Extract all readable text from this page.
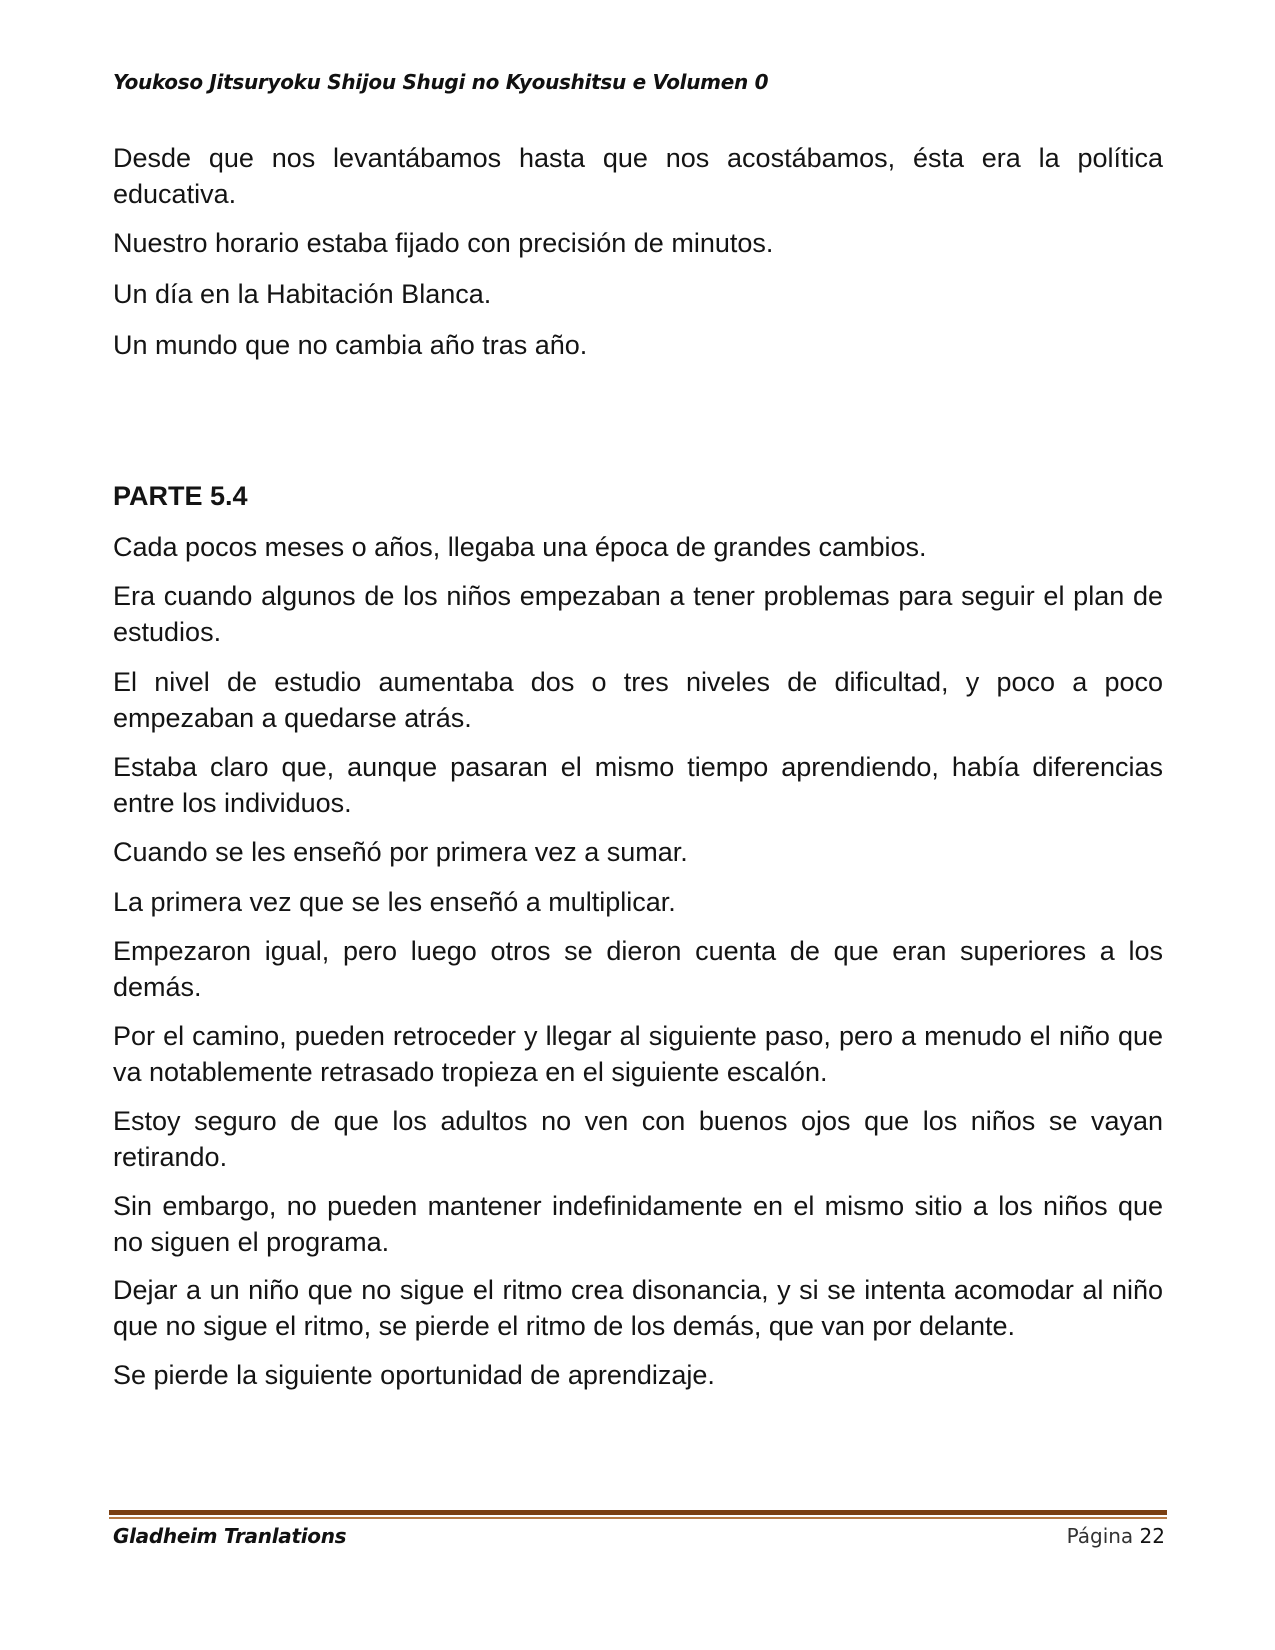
Youkoso Jitsuryoku Shijou Shugi no Kyoushitsu e Volumen 0

Desde que nos levantábamos hasta que nos acostábamos, ésta era la política educativa.

Nuestro horario estaba fijado con precisión de minutos.

Un día en la Habitación Blanca.

Un mundo que no cambia año tras año.

PARTE 5.4

Cada pocos meses o años, llegaba una época de grandes cambios.

Era cuando algunos de los niños empezaban a tener problemas para seguir el plan de estudios.

El nivel de estudio aumentaba dos o tres niveles de dificultad, y poco a poco empezaban a quedarse atrás.

Estaba claro que, aunque pasaran el mismo tiempo aprendiendo, había diferencias entre los individuos.

Cuando se les enseñó por primera vez a sumar.

La primera vez que se les enseñó a multiplicar.

Empezaron igual, pero luego otros se dieron cuenta de que eran superiores a los demás.

Por el camino, pueden retroceder y llegar al siguiente paso, pero a menudo el niño que va notablemente retrasado tropieza en el siguiente escalón.

Estoy seguro de que los adultos no ven con buenos ojos que los niños se vayan retirando.

Sin embargo, no pueden mantener indefinidamente en el mismo sitio a los niños que no siguen el programa.

Dejar a un niño que no sigue el ritmo crea disonancia, y si se intenta acomodar al niño que no sigue el ritmo, se pierde el ritmo de los demás, que van por delante.

Se pierde la siguiente oportunidad de aprendizaje.

Gladheim Tranlations	Página 22
